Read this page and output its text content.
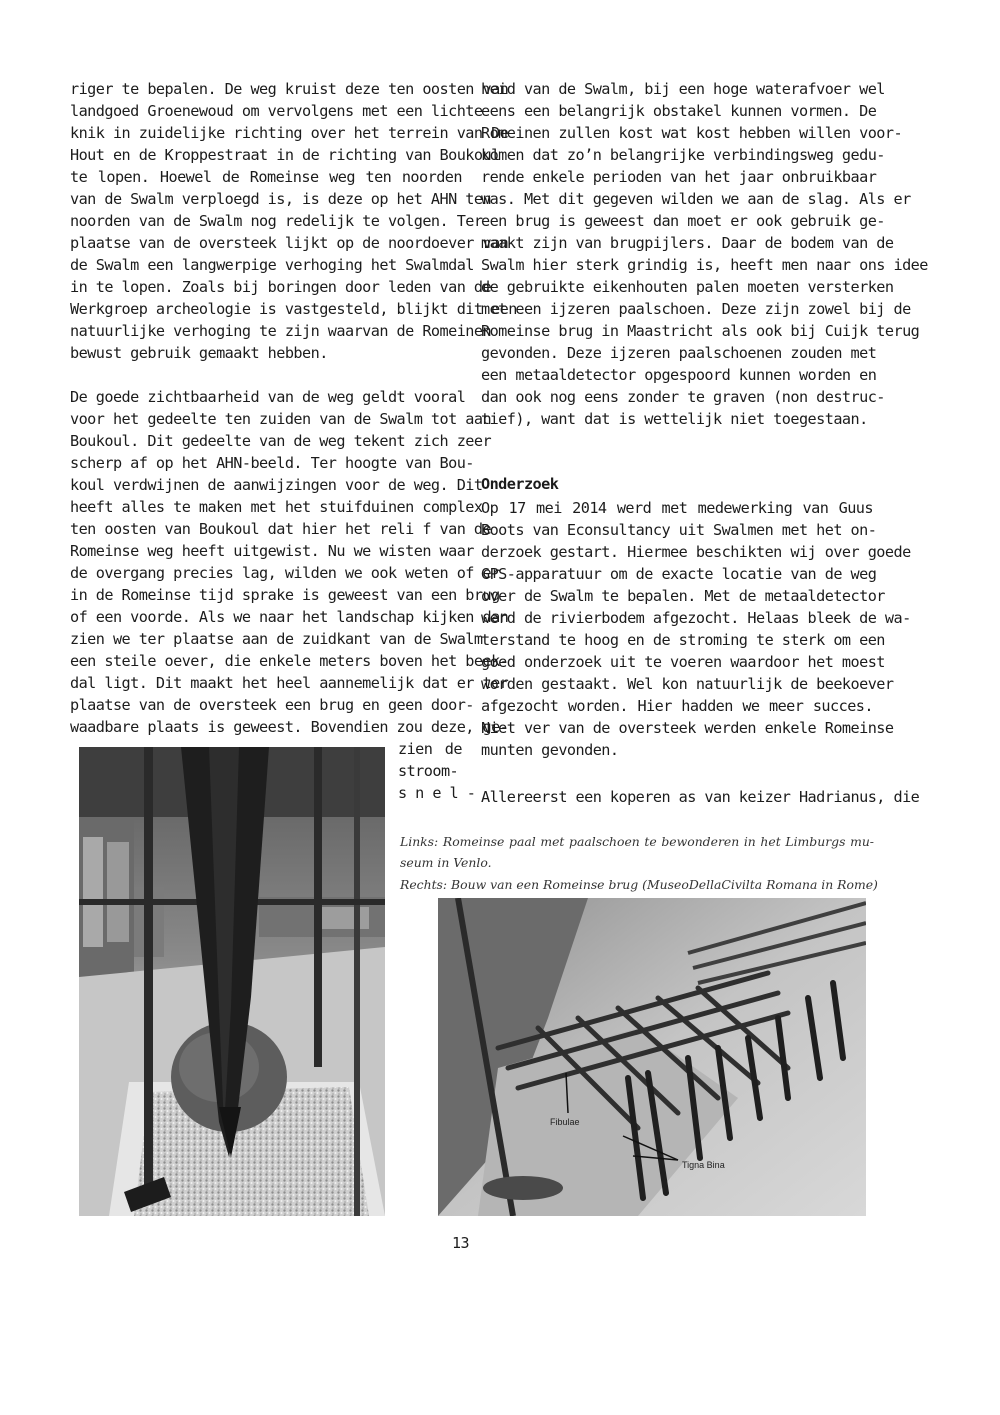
riger te bepalen. De weg kruist deze ten oosten van
landgoed Groenewoud om vervolgens met een lichte
knik in zuidelijke richting over het terrein van De
Hout en de Kroppestraat in de richting van Boukoul
te lopen. Hoewel de Romeinse weg ten noorden
van de Swalm verploegd is, is deze op het AHN ten
noorden van de Swalm nog redelijk te volgen. Ter
plaatse van de oversteek lijkt op de noordoever van
de Swalm een langwerpige verhoging het Swalmdal
in te lopen. Zoals bij boringen door leden van de
Werkgroep archeologie is vastgesteld, blijkt dit een
natuurlijke verhoging te zijn waarvan de Romeinen
bewust gebruik gemaakt hebben.
De goede zichtbaarheid van de weg geldt vooral
voor het gedeelte ten zuiden van de Swalm tot aan
Boukoul. Dit gedeelte van de weg tekent zich zeer
scherp af op het AHN-beeld. Ter hoogte van Bou-
koul verdwijnen de aanwijzingen voor de weg. Dit
heeft alles te maken met het stuifduinen complex
ten oosten van Boukoul dat hier het reli f van de
Romeinse weg heeft uitgewist. Nu we wisten waar
de overgang precies lag, wilden we ook weten of er
in de Romeinse tijd sprake is geweest van een brug
of een voorde. Als we naar het landschap kijken dan
zien we ter plaatse aan de zuidkant van de Swalm
een steile oever, die enkele meters boven het beek-
dal ligt. Dit maakt het heel aannemelijk dat er ter
plaatse van de oversteek een brug en geen door-
waadbare plaats is geweest. Bovendien zou deze, ge-
zien de
stroom-
s n e l -
heid van de Swalm, bij een hoge waterafvoer wel
eens een belangrijk obstakel kunnen vormen. De
Romeinen zullen kost wat kost hebben willen voor-
komen dat zo’n belangrijke verbindingsweg gedu-
rende enkele perioden van het jaar onbruikbaar
was. Met dit gegeven wilden we aan de slag. Als er
een brug is geweest dan moet er ook gebruik ge-
maakt zijn van brugpijlers. Daar de bodem van de
Swalm hier sterk grindig is, heeft men naar ons idee
de gebruikte eikenhouten palen moeten versterken
met een ijzeren paalschoen. Deze zijn zowel bij de
Romeinse brug in Maastricht als ook bij Cuijk terug
gevonden. Deze ijzeren paalschoenen zouden met
een metaaldetector opgespoord kunnen worden en
dan ook nog eens zonder te graven (non destruc-
tief), want dat is wettelijk niet toegestaan.
Onderzoek
Op 17 mei 2014 werd met medewerking van Guus
Boots van Econsultancy uit Swalmen met het on-
derzoek gestart. Hiermee beschikten wij over goede
GPS-apparatuur om de exacte locatie van de weg
over de Swalm te bepalen. Met de metaaldetector
werd de rivierbodem afgezocht. Helaas bleek de wa-
terstand te hoog en de stroming te sterk om een
goed onderzoek uit te voeren waardoor het moest
worden gestaakt. Wel kon natuurlijk de beekoever
afgezocht worden. Hier hadden we meer succes.
Niet ver van de oversteek werden enkele Romeinse
munten gevonden.
Allereerst een koperen as van keizer Hadrianus, die
Links: Romeinse paal met paalschoen te bewonderen in het Limburgs mu-
seum in Venlo.
Rechts: Bouw van een Romeinse brug (MuseoDellaCivilta Romana in Rome)
Fibulae
Tigna Bina
13
